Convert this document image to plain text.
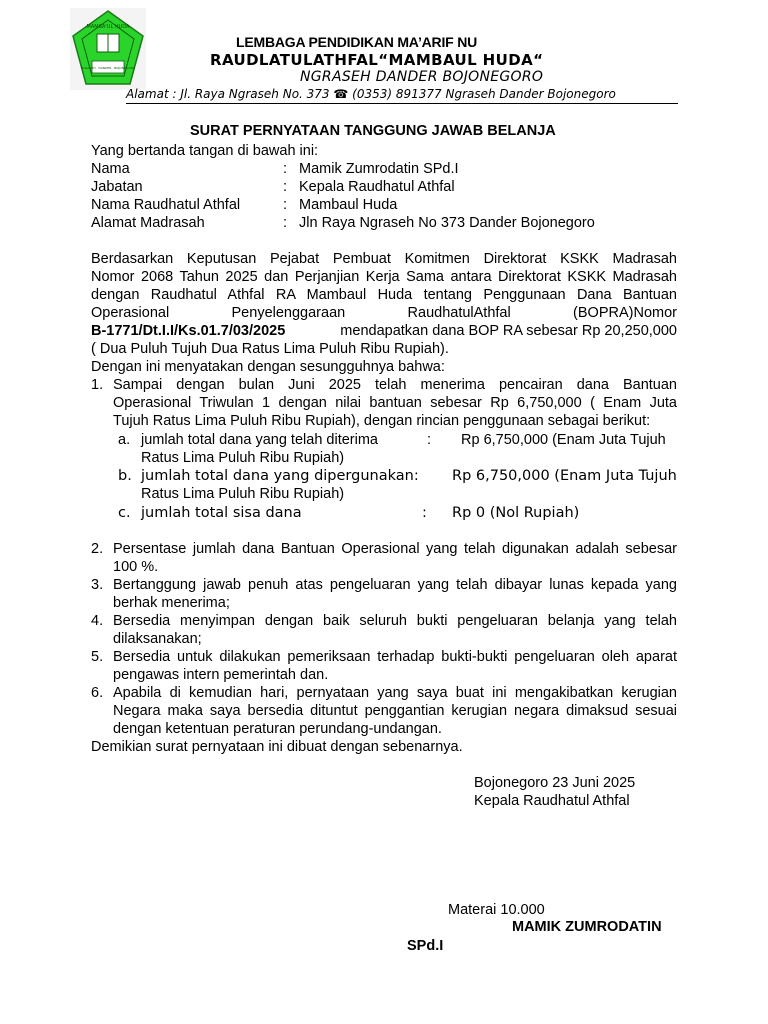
MAMBA'UL HUDA
NGRASEH · DANDER · BOJONEGORO
LEMBAGA PENDIDIKAN MA’ARIF NU
RAUDLATULATHFAL“MAMBAUL HUDA“
NGRASEH DANDER BOJONEGORO
Alamat : Jl. Raya Ngraseh No. 373 ☎ (0353) 891377 Ngraseh Dander Bojonegoro
SURAT PERNYATAAN TANGGUNG JAWAB BELANJA
Yang bertanda tangan di bawah ini:
Nama	: Mamik Zumrodatin SPd.I
Jabatan	: Kepala Raudhatul Athfal
Nama Raudhatul Athfal	: Mambaul Huda
Alamat Madrasah	: Jln Raya Ngraseh No 373 Dander Bojonegoro
Berdasarkan Keputusan Pejabat Pembuat Komitmen Direktorat KSKK Madrasah
Nomor 2068 Tahun 2025 dan Perjanjian Kerja Sama antara Direktorat KSKK Madrasah
dengan Raudhatul Athfal RA Mambaul Huda tentang Penggunaan Dana Bantuan
Operasional	Penyelenggaraan	RaudhatulAthfal	(BOPRA)Nomor
B-1771/Dt.I.I/Ks.01.7/03/2025	mendapatkan dana BOP RA sebesar Rp 20,250,000
( Dua Puluh Tujuh Dua Ratus Lima Puluh Ribu Rupiah).
Dengan ini menyatakan dengan sesungguhnya bahwa:
1. Sampai dengan bulan Juni 2025 telah menerima pencairan dana Bantuan
Operasional Triwulan 1 dengan nilai bantuan sebesar Rp 6,750,000 ( Enam Juta
Tujuh Ratus Lima Puluh Ribu Rupiah), dengan rincian penggunaan sebagai berikut:
a. jumlah total dana yang telah diterima	: Rp 6,750,000 (Enam Juta Tujuh
Ratus Lima Puluh Ribu Rupiah)
b. jumlah total dana yang dipergunakan: Rp 6,750,000 (Enam Juta Tujuh
Ratus Lima Puluh Ribu Rupiah)
c. jumlah total sisa dana	: Rp 0 (Nol Rupiah)
2. Persentase jumlah dana Bantuan Operasional yang telah digunakan adalah sebesar
100 %.
3. Bertanggung jawab penuh atas pengeluaran yang telah dibayar lunas kepada yang
berhak menerima;
4. Bersedia menyimpan dengan baik seluruh bukti pengeluaran belanja yang telah
dilaksanakan;
5. Bersedia untuk dilakukan pemeriksaan terhadap bukti-bukti pengeluaran oleh aparat
pengawas intern pemerintah dan.
6. Apabila di kemudian hari, pernyataan yang saya buat ini mengakibatkan kerugian
Negara maka saya bersedia dituntut penggantian kerugian negara dimaksud sesuai
dengan ketentuan peraturan perundang-undangan.
Demikian surat pernyataan ini dibuat dengan sebenarnya.
Bojonegoro 23 Juni 2025
Kepala Raudhatul Athfal
Materai 10.000
MAMIK ZUMRODATIN
SPd.I
